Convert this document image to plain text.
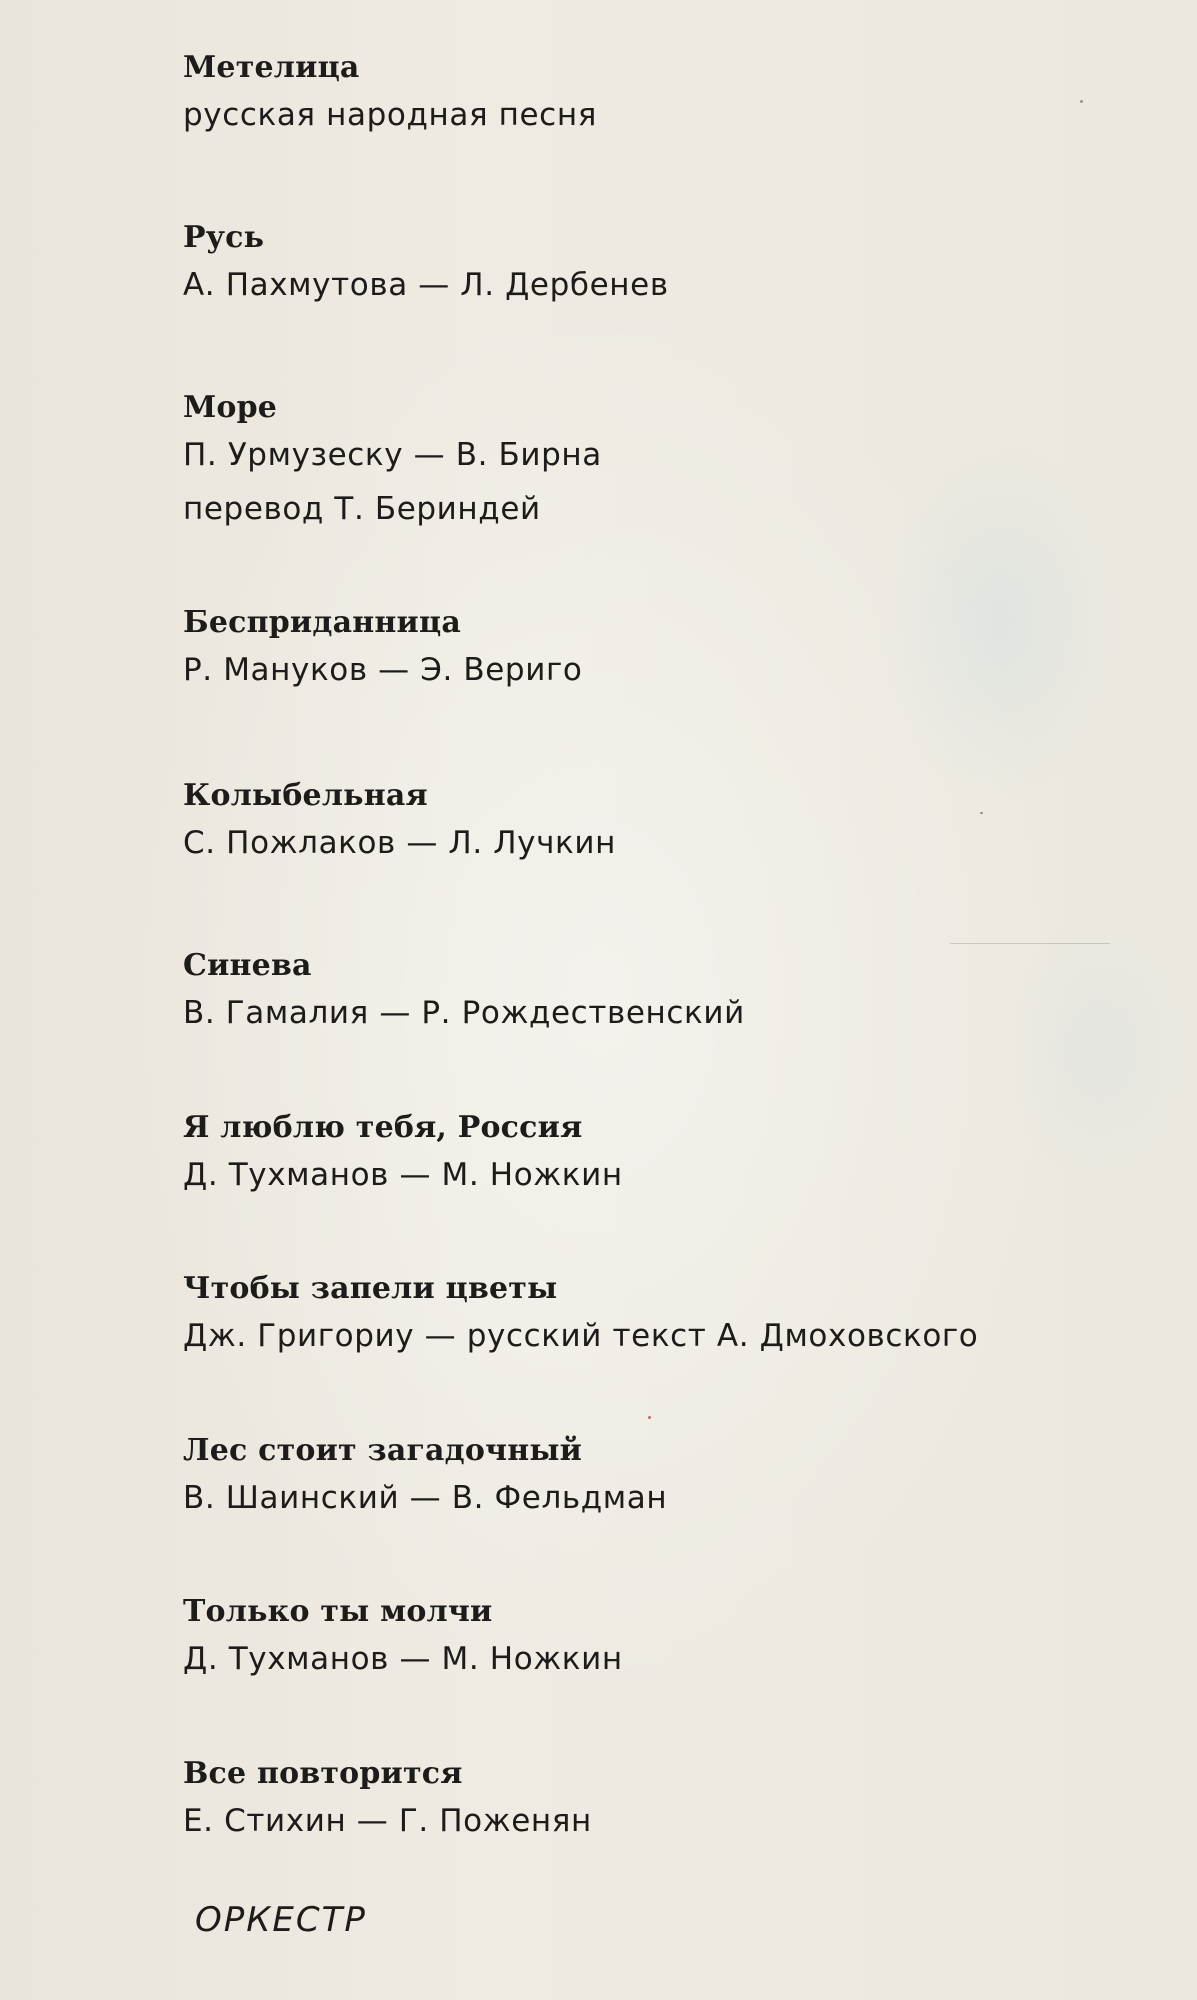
Метелица
русская народная песня
Русь
А. Пахмутова — Л. Дербенев
Море
П. Урмузеску — В. Бирна
перевод Т. Бериндей
Бесприданница
Р. Мануков — Э. Вериго
Колыбельная
С. Пожлаков — Л. Лучкин
Синева
В. Гамалия — Р. Рождественский
Я люблю тебя, Россия
Д. Тухманов — М. Ножкин
Чтобы запели цветы
Дж. Григориу — русский текст А. Дмоховского
Лес стоит загадочный
В. Шаинский — В. Фельдман
Только ты молчи
Д. Тухманов — М. Ножкин
Все повторится
Е. Стихин — Г. Поженян
ОРКЕСТР
